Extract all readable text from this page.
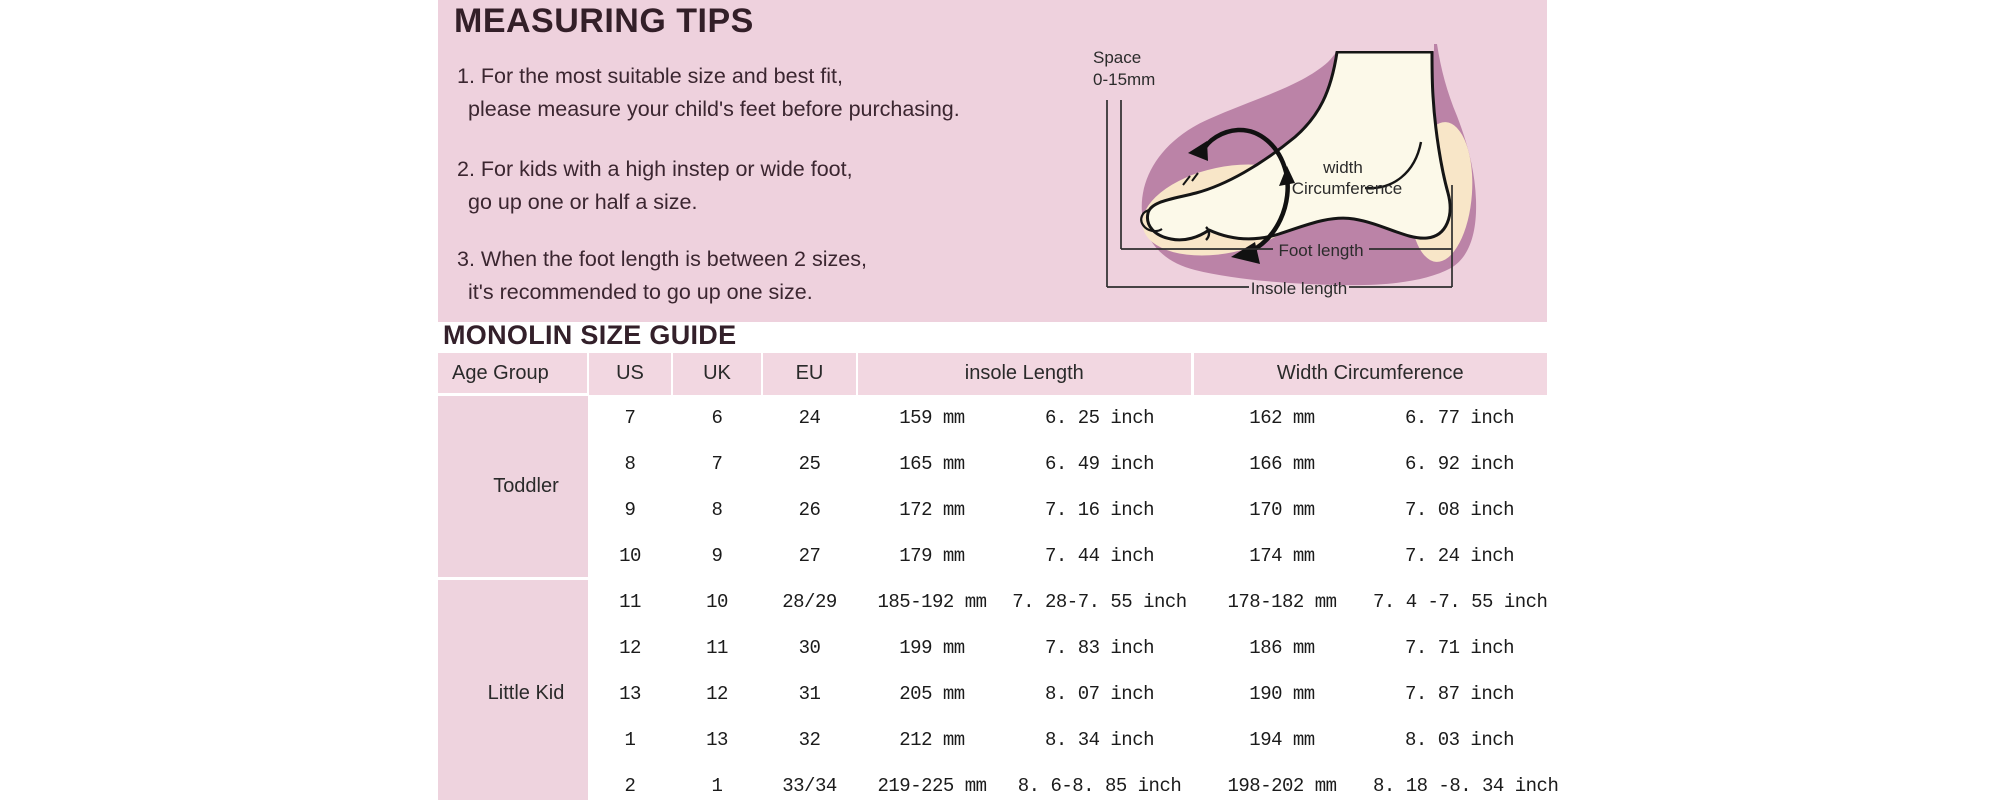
MEASURING TIPS
1. For the most suitable size and best fit,
please measure your child's feet before purchasing.
2. For kids with a high instep or wide foot,
go up one or half a size.
3. When the foot length is between 2 sizes,
it's recommended to go up one size.
Space
0-15mm
width
Circumference
Foot length
Insole length
MONOLIN SIZE GUIDE
Age Group	US	UK	EU	insole Length		Width Circumference	
Toddler	7	6	24	159 mm	6. 25 inch	162 mm	6. 77 inch
	8	7	25	165 mm	6. 49 inch	166 mm	6. 92 inch
	9	8	26	172 mm	7. 16 inch	170 mm	7. 08 inch
	10	9	27	179 mm	7. 44 inch	174 mm	7. 24 inch
Little Kid	11	10	28/29	185-192 mm	7. 28-7. 55 inch	178-182 mm	7. 4 -7. 55 inch
	12	11	30	199 mm	7. 83 inch	186 mm	7. 71 inch
	13	12	31	205 mm	8. 07 inch	190 mm	7. 87 inch
	1	13	32	212 mm	8. 34 inch	194 mm	8. 03 inch
	2	1	33/34	219-225 mm	8. 6-8. 85 inch	198-202 mm	8. 18 -8. 34 inch
